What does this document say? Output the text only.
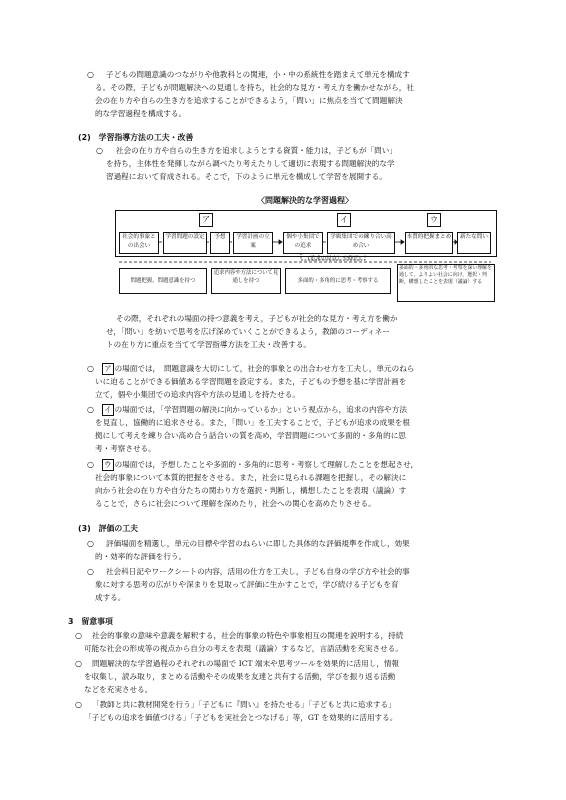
○ 子どもの問題意識のつながりや他教科との関連，小・中の系統性を踏まえて単元を構成す
る。その際，子どもが問題解決への見通しを持ち，社会的な見方・考え方を働かせながら，社
会の在り方や自らの生き方を追求することができるよう，「問い」に焦点を当てて問題解決
的な学習過程を構成する。
(2)　学習指導方法の工夫・改善
○ 社会の在り方や自らの生き方を追求しようとする資質・能力は，子どもが「問い」
を持ち，主体性を発揮しながら調べたり考えたりして適切に表現する問題解決的な学
習過程において育成される。そこで，下のように単元を構成して学習を展開する。
〈問題解決的な学習過程〉
ア	イ	ウ
社会的事象との出会い
学習問題の設定	予想	学習計画の立案
個や小集団での追求
学級集団での練り合い高め合い
本質的把握まとめ	新たな問い
(追求の見直しや修正)
問題把握，問題意識を持つ
追求内容や方法について見通しを持つ	多面的・多角的に思考・考察する
多面的・多角的な思考・考察を深い理解を通して，よりよい社会に向け，選択・判断，構想したことを表現（議論）する
その際，それぞれの場面の持つ意義を考え，子どもが社会的な見方・考え方を働か
せ，「問い」を紡いで思考を広げ深めていくことができるよう，教師のコーディネー
トの在り方に重点を当てて学習指導方法を工夫・改善する。
○ ア の場面では，　問題意識を大切にして，社会的事象との出合わせ方を工夫し，単元のねら
いに迫ることができる価値ある学習問題を設定する。また，子どもの予想を基に学習計画を
立て，個や小集団での追求内容や方法の見通しを持たせる。
○ イ の場面では，「学習問題の解決に向かっているか」という視点から，追求の内容や方法
を見直し，協働的に追求させる。また，「問い」を工夫することで，子どもが追求の成果を根
拠にして考えを練り合い高め合う話合いの質を高め，学習問題について多面的・多角的に思
考・考察させる。
○ ウ の場面では，予想したことや多面的・多角的に思考・考察して理解したことを想起させ，
社会的事象について本質的把握をさせる。また，社会に見られる課題を把握し，その解決に
向かう社会の在り方や自分たちの関わり方を選択・判断し，構想したことを表現（議論）す
ることで，さらに社会について理解を深めたり，社会への関心を高めたりさせる。
(3)　評価の工夫
○ 評価場面を精選し，単元の目標や学習のねらいに即した具体的な評価規準を作成し，効果
的・効率的な評価を行う。
○ 社会科日記やワークシートの内容，活用の仕方を工夫し，子ども自身の学び方や社会的事
象に対する思考の広がりや深まりを見取って評価に生かすことで，学び続ける子どもを育
成する。
3　留意事項
○ 社会的事象の意味や意義を解釈する，社会的事象の特色や事象相互の関連を説明する，持続
可能な社会の形成等の視点から自分の考えを表現（議論）するなど，言語活動を充実させる。
○ 問題解決的な学習過程のそれぞれの場面で ICT 端末や思考ツールを効果的に活用し，情報
を収集し，読み取り，まとめる活動やその成果を友達と共有する活動，学びを振り返る活動
などを充実させる。
○ 「教師と共に教材開発を行う」「子どもに『問い』を持たせる」「子どもと共に追求する」
「子どもの追求を価値づける」「子どもを実社会とつなげる」等，GT を効果的に活用する。
